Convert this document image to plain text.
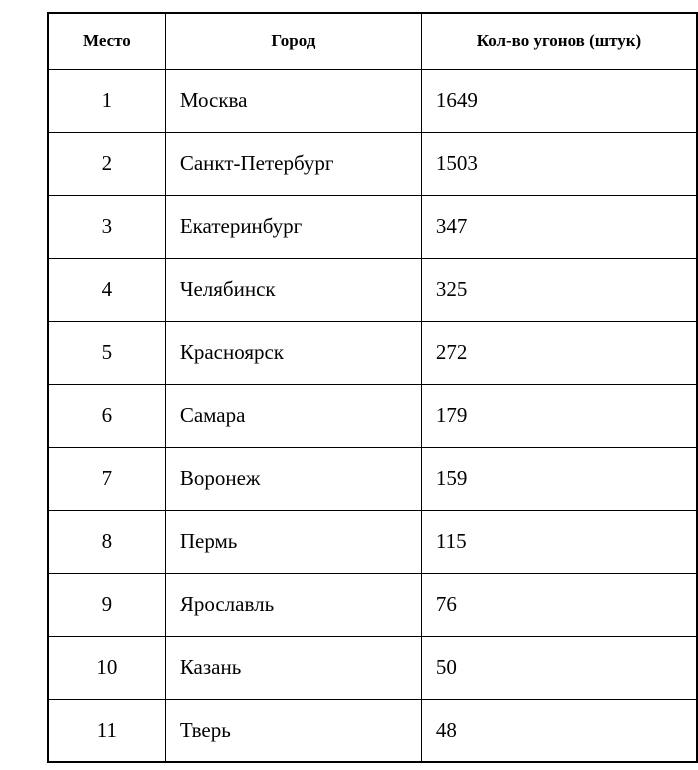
Место	Город	Кол-во угонов (штук)
1	Москва	1649
2	Санкт-Петербург	1503
3	Екатеринбург	347
4	Челябинск	325
5	Красноярск	272
6	Самара	179
7	Воронеж	159
8	Пермь	115
9	Ярославль	76
10	Казань	50
11	Тверь	48
